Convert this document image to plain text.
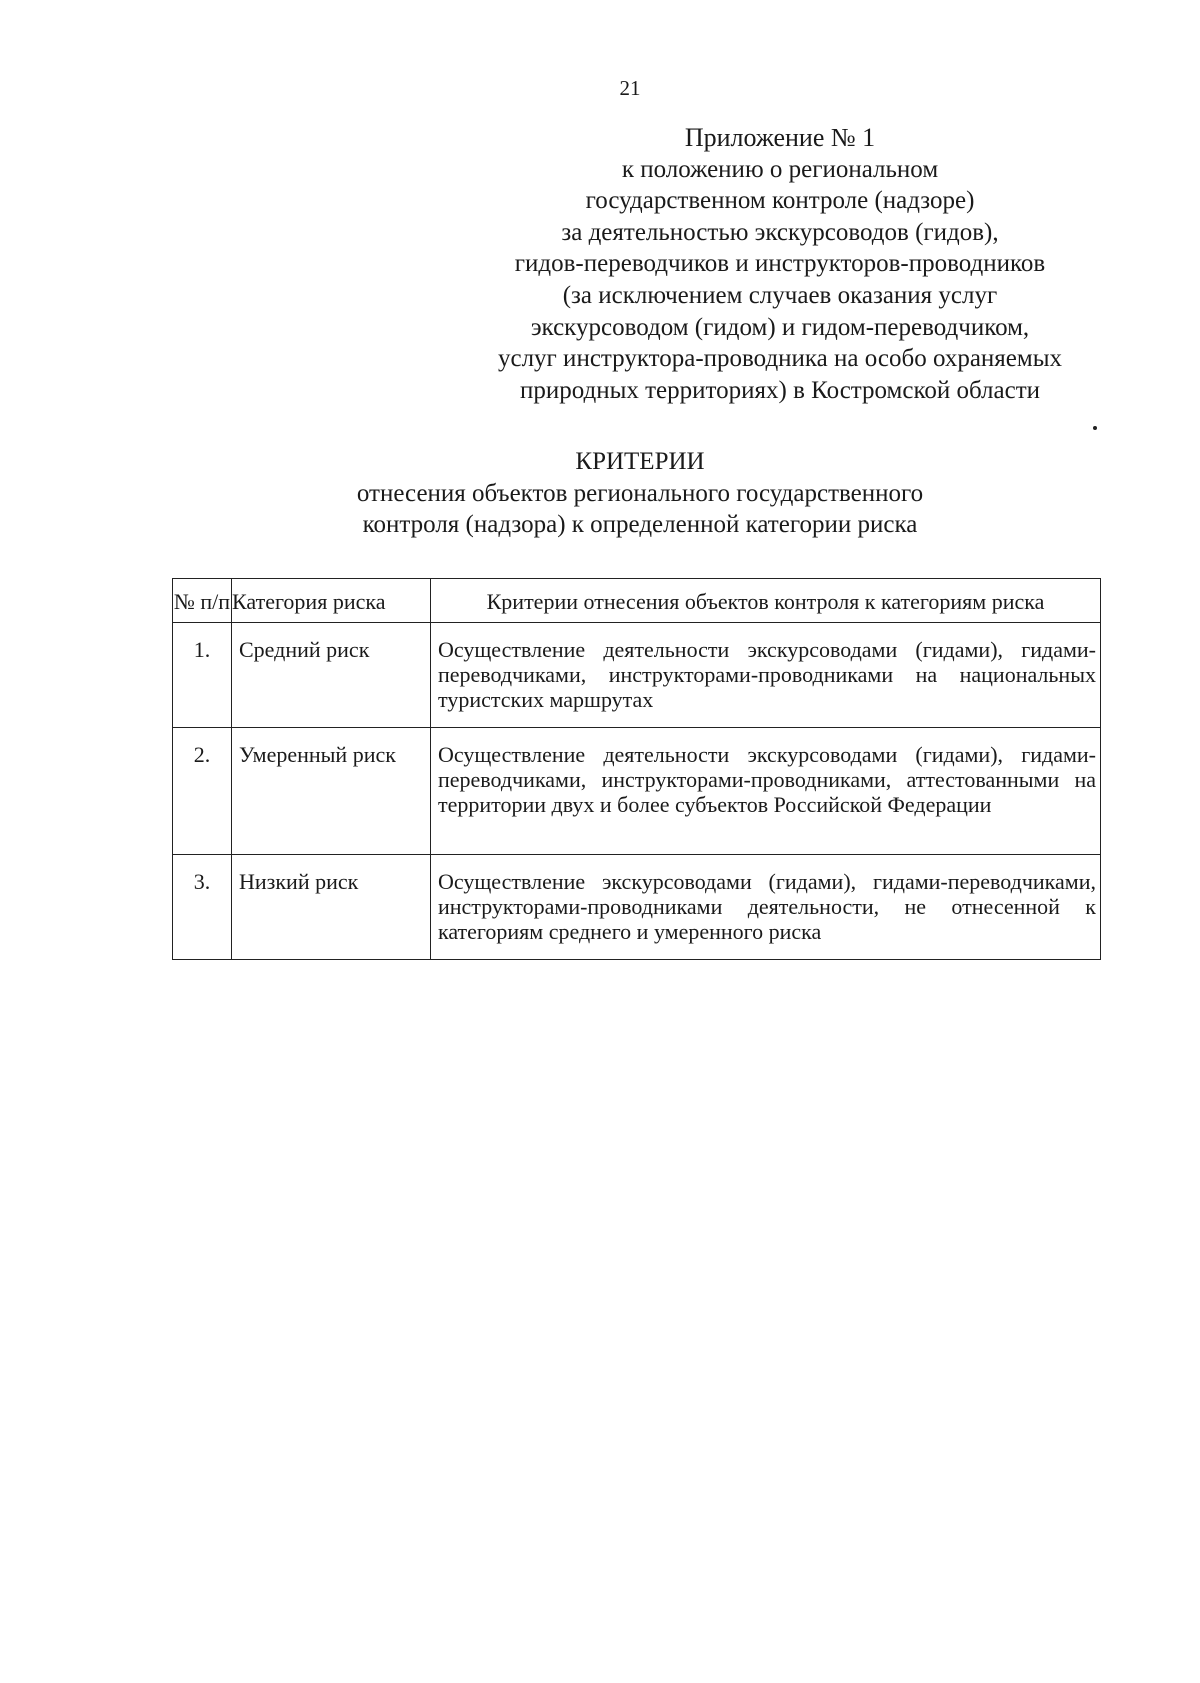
21
Приложение № 1
к положению о региональном
государственном контроле (надзоре)
за деятельностью экскурсоводов (гидов),
гидов-переводчиков и инструкторов-проводников
(за исключением случаев оказания услуг
экскурсоводом (гидом) и гидом-переводчиком,
услуг инструктора-проводника на особо охраняемых
природных территориях) в Костромской области
КРИТЕРИИ
отнесения объектов регионального государственного
контроля (надзора) к определенной категории риска
№ п/п	Категория риска	Критерии отнесения объектов контроля к категориям риска
1.	Средний риск	Осуществление деятельности экскурсоводами (гидами), гидами-переводчиками, инструкторами-проводниками на национальных туристских маршрутах
2.	Умеренный риск	Осуществление деятельности экскурсоводами (гидами), гидами-переводчиками, инструкторами-проводниками, аттестованными на территории двух и более субъектов Российской Федерации
3.	Низкий риск	Осуществление экскурсоводами (гидами), гидами-переводчиками, инструкторами-проводниками деятельности, не отнесенной к категориям среднего и умеренного риска
